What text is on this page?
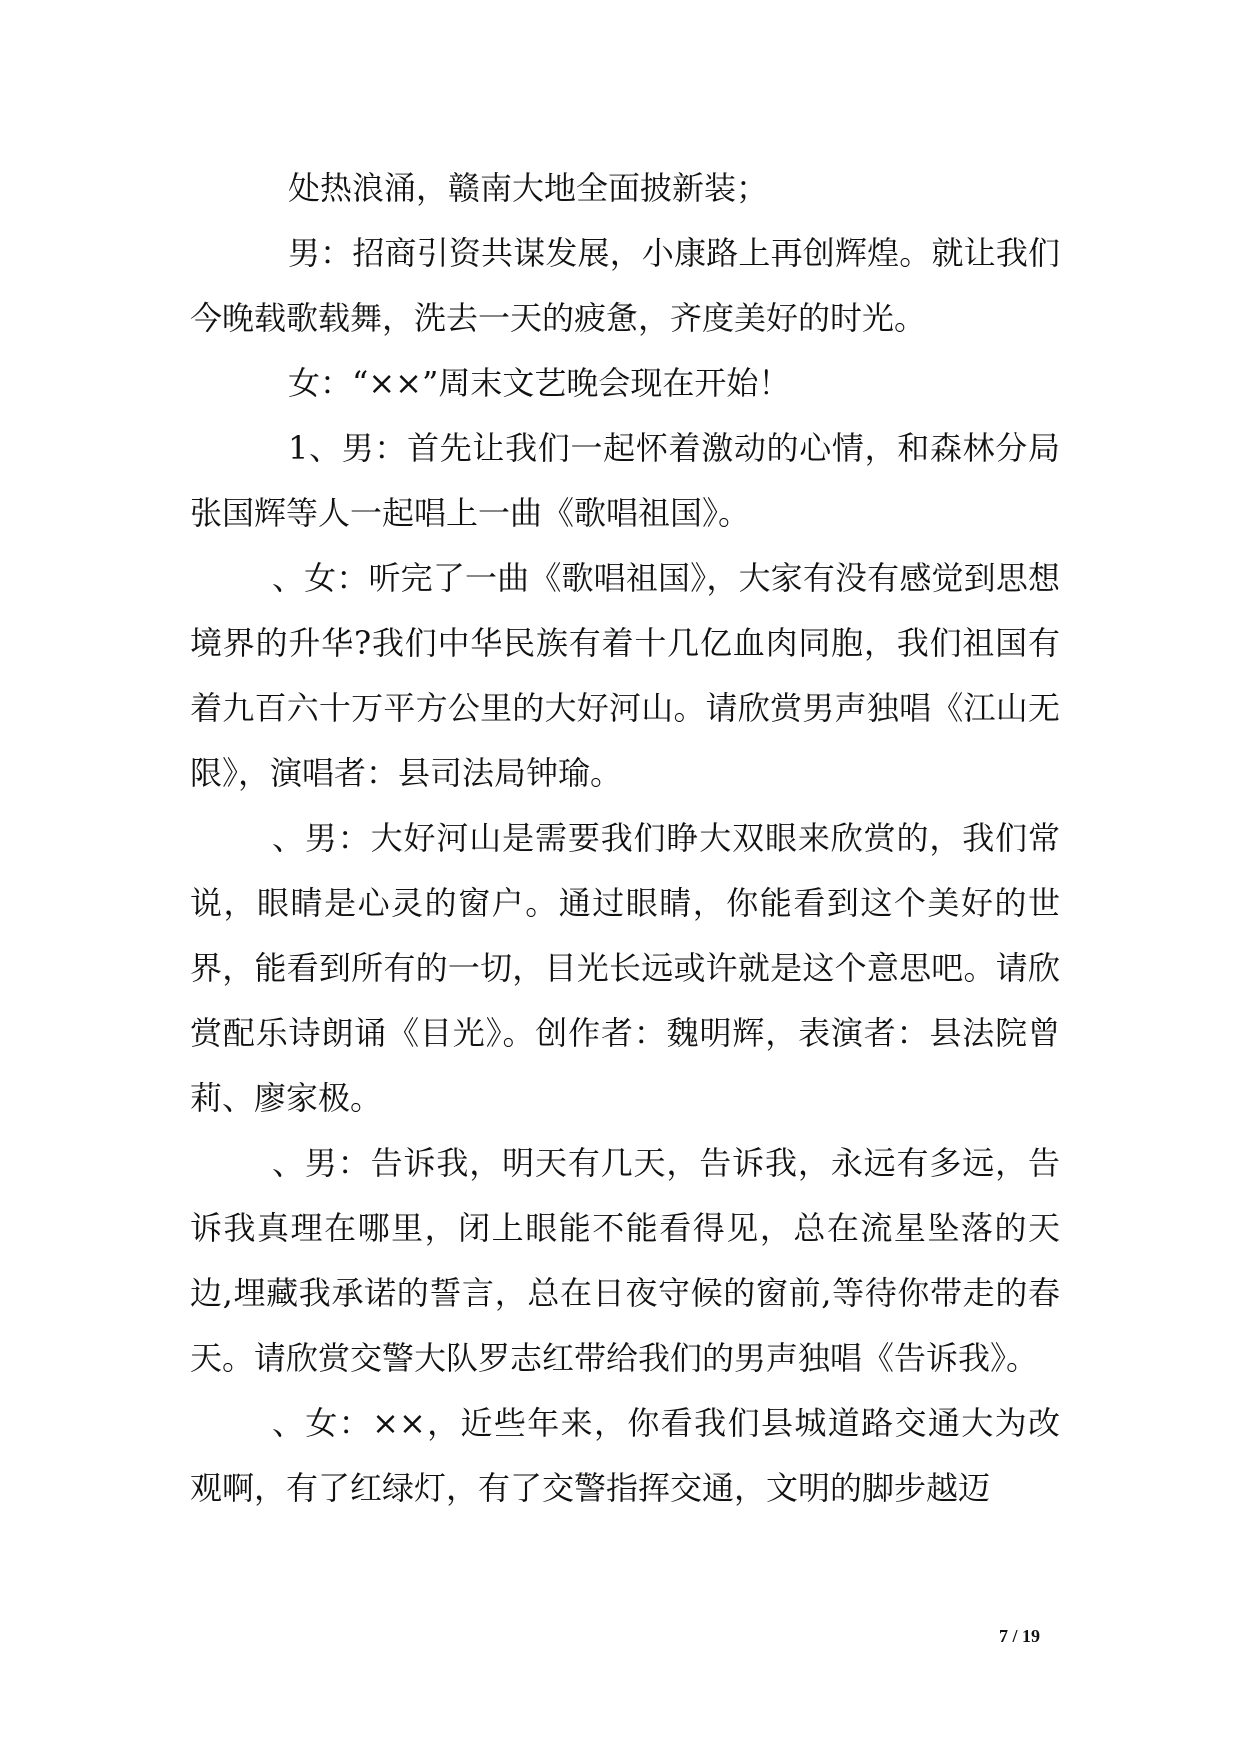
处热浪涌，赣南大地全面披新装；

男：招商引资共谋发展，小康路上再创辉煌。就让我们今晚载歌载舞，洗去一天的疲惫，齐度美好的时光。

女：“××”周末文艺晚会现在开始！

1、男：首先让我们一起怀着激动的心情，和森林分局张国辉等人一起唱上一曲《歌唱祖国》。

、女：听完了一曲《歌唱祖国》，大家有没有感觉到思想境界的升华?我们中华民族有着十几亿血肉同胞，我们祖国有着九百六十万平方公里的大好河山。请欣赏男声独唱《江山无限》，演唱者：县司法局钟瑜。

、男：大好河山是需要我们睁大双眼来欣赏的，我们常说，眼睛是心灵的窗户。通过眼睛，你能看到这个美好的世界，能看到所有的一切，目光长远或许就是这个意思吧。请欣赏配乐诗朗诵《目光》。创作者：魏明辉，表演者：县法院曾莉、廖家极。

、男：告诉我，明天有几天，告诉我，永远有多远，告诉我真理在哪里，闭上眼能不能看得见，总在流星坠落的天边,埋藏我承诺的誓言，总在日夜守候的窗前,等待你带走的春天。请欣赏交警大队罗志红带给我们的男声独唱《告诉我》。

、女：××，近些年来，你看我们县城道路交通大为改观啊，有了红绿灯，有了交警指挥交通，文明的脚步越迈

7 / 19
